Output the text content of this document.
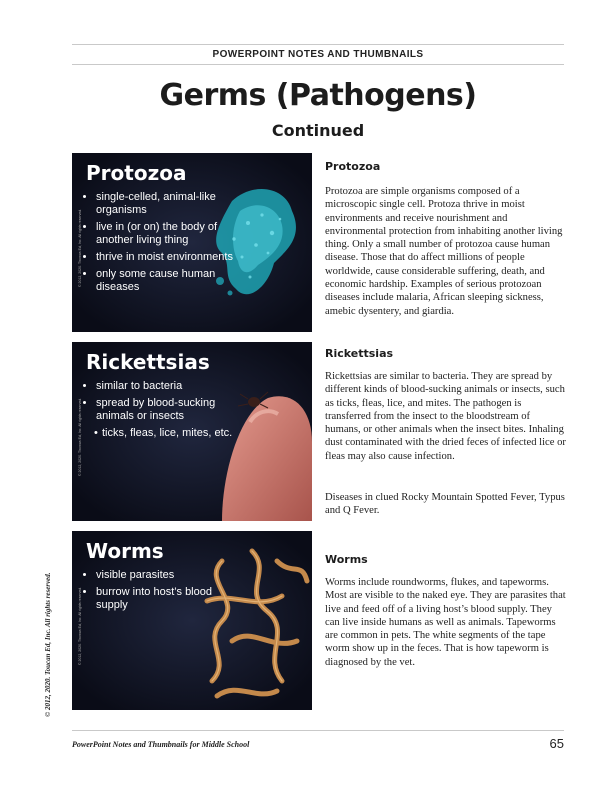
POWERPOINT NOTES AND THUMBNAILS
Germs (Pathogens)
Continued
Protozoa
• single-celled, animal-like organisms
• live in (or on) the body of another living thing
• thrive in moist environments
• only some cause human diseases
© 2012, 2020. Thomas Ed, Inc. All rights reserved.
Rickettsias
• similar to bacteria
• spread by blood-sucking animals or insects
• ticks, fleas, lice, mites, etc.
© 2012, 2020. Thomas Ed, Inc. All rights reserved.
Worms
• visible parasites
• burrow into host’s blood supply
© 2012, 2020. Thomas Ed, Inc. All rights reserved.
Protozoa
Protozoa are simple organisms composed of a microscopic single cell. Protoza thrive in moist environments and receive nourishment and environmental protection from inhabiting another living thing. Only a small number of protozoa cause human disease. Those that do affect millions of people worldwide, cause considerable suffering, death, and economic hardship. Examples of serious protozoan diseases include malaria, African sleeping sickness, amebic dysentery, and giardia.
Rickettsias
Rickettsias are similar to bacteria. They are spread by different kinds of blood-sucking animals or insects, such as ticks, fleas, lice, and mites. The pathogen is transferred from the insect to the bloodstream of humans, or other animals when the insect bites. Inhaling dust contaminated with the dried feces of infected lice or fleas may also cause infection.
Diseases in clued Rocky Mountain Spotted Fever, Typus and Q Fever.
Worms
Worms include roundworms, flukes, and tapeworms. Most are visible to the naked eye. They are parasites that live and feed off of a living host’s blood supply. They can live inside humans as well as animals. Tapeworms are common in pets. The white segments of the tape worm show up in the feces. That is how tapeworm is diagnosed by the vet.
© 2012, 2020. Toucan Ed, Inc. All rights reserved.
PowerPoint Notes and Thumbnails for Middle School	65
